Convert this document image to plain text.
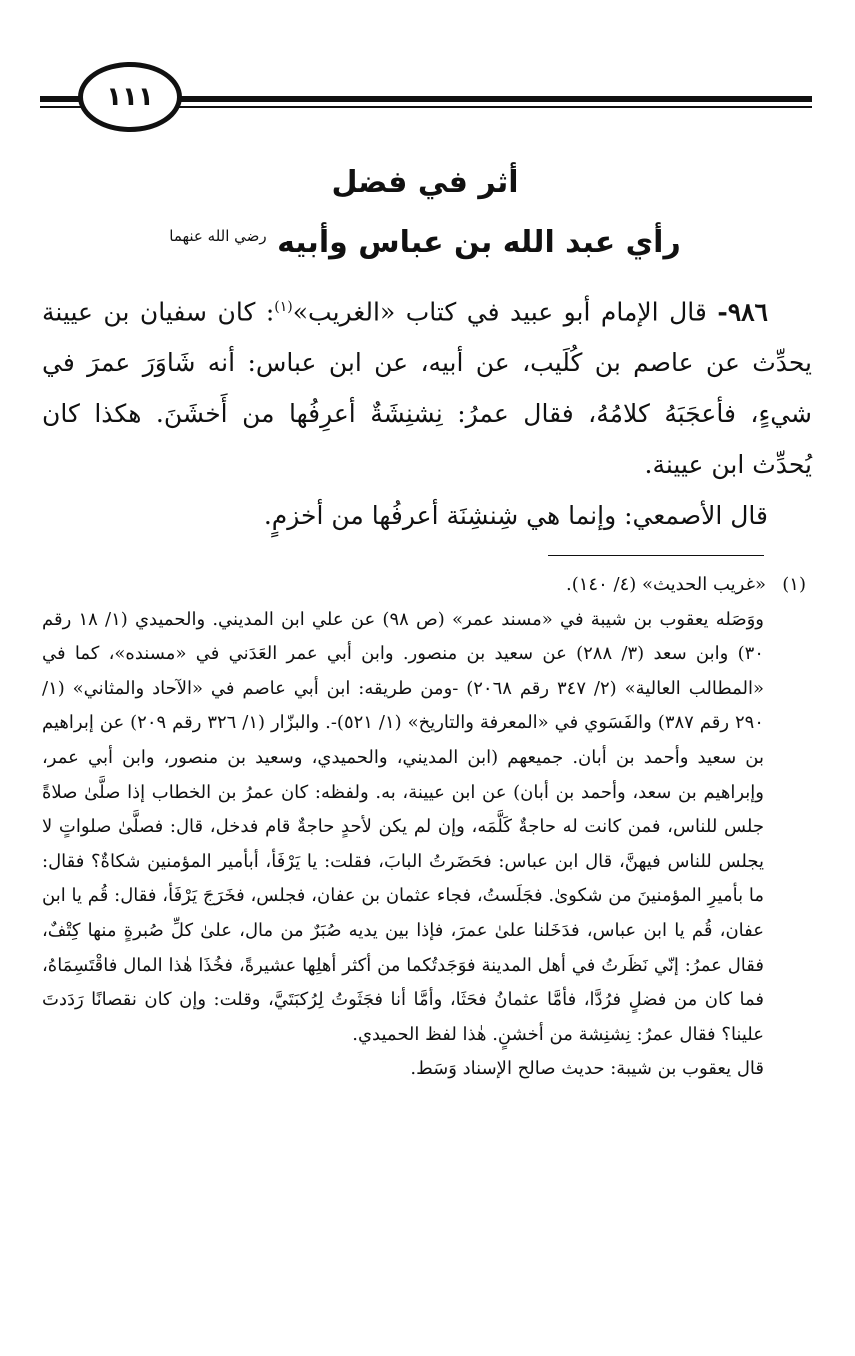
١١١
أثر في فضل
رأي عبد الله بن عباس وأبيه $^{رضي الله عنهما}$

٩٨٦- قال الإمام أبو عبيد في كتاب «الغريب»$^{(١)}$: كان سفيان بن عيينة يحدِّث عن عاصم بن كُلَيب، عن أبيه، عن ابن عباس: أنه شَاوَرَ عمرَ في شيءٍ، فأعجَبَهُ كلامُهُ، فقال عمرُ: نِشنِشَةٌ أعرِفُها من أَخشَنَ. هكذا كان يُحدِّث ابن عيينة.

قال الأصمعي: وإنما هي شِنشِنَة أعرفُها من أخزمٍ.

(١)«غريب الحديث» (٤/ ١٤٠).

ووَصَله يعقوب بن شيبة في «مسند عمر» (ص ٩٨) عن علي ابن المديني. والحميدي (١/ ١٨ رقم ٣٠) وابن سعد (٣/ ٢٨٨) عن سعيد بن منصور. وابن أبي عمر العَدَني في «مسنده»، كما في «المطالب العالية» (٢/ ٣٤٧ رقم ٢٠٦٨) -ومن طريقه: ابن أبي عاصم في «الآحاد والمثاني» (١/ ٢٩٠ رقم ٣٨٧) والفَسَوي في «المعرفة والتاريخ» (١/ ٥٢١)-. والبزّار (١/ ٣٢٦ رقم ٢٠٩) عن إبراهيم بن سعيد وأحمد بن أبان. جميعهم (ابن المديني، والحميدي، وسعيد بن منصور، وابن أبي عمر، وإبراهيم بن سعد، وأحمد بن أبان) عن ابن عيينة، به. ولفظه: كان عمرُ بن الخطاب إذا صلَّىٰ صلاةً جلس للناس، فمن كانت له حاجةٌ كَلَّمَه، وإن لم يكن لأحدٍ حاجةٌ قام فدخل، قال: فصلَّىٰ صلواتٍ لا يجلس للناس فيهنَّ، قال ابن عباس: فحَضَرتُ البابَ، فقلت: يا يَرْفَأ، أبأمير المؤمنين شكاةٌ؟ فقال: ما بأميرِ المؤمنينَ من شكوىٰ. فجَلَستُ، فجاء عثمان بن عفان، فجلس، فخَرَجَ يَرْفَأ، فقال: قُم يا ابن عفان، قُم يا ابن عباس، فدَخَلنا علىٰ عمرَ، فإذا بين يديه صُبَرٌ من مال، علىٰ كلِّ صُبرةٍ منها كِتْفٌ، فقال عمرُ: إنّي نَظَرتُ في أهل المدينة فوَجَدتُكما من أكثر أهلِها عشيرةً، فخُذَا هٰذا المال فاقْتَسِمَاهُ، فما كان من فضلٍ فرُدَّا، فأمَّا عثمانُ فحَثَا، وأمَّا أنا فجَثَوتُ لِرُكبَتَيَّ، وقلت: وإن كان نقصانًا رَدَدتَ علينا؟ فقال عمرُ: نِشنِشة من أخشنٍ. هٰذا لفظ الحميدي.

قال يعقوب بن شيبة: حديث صالح الإسناد وَسَط.
